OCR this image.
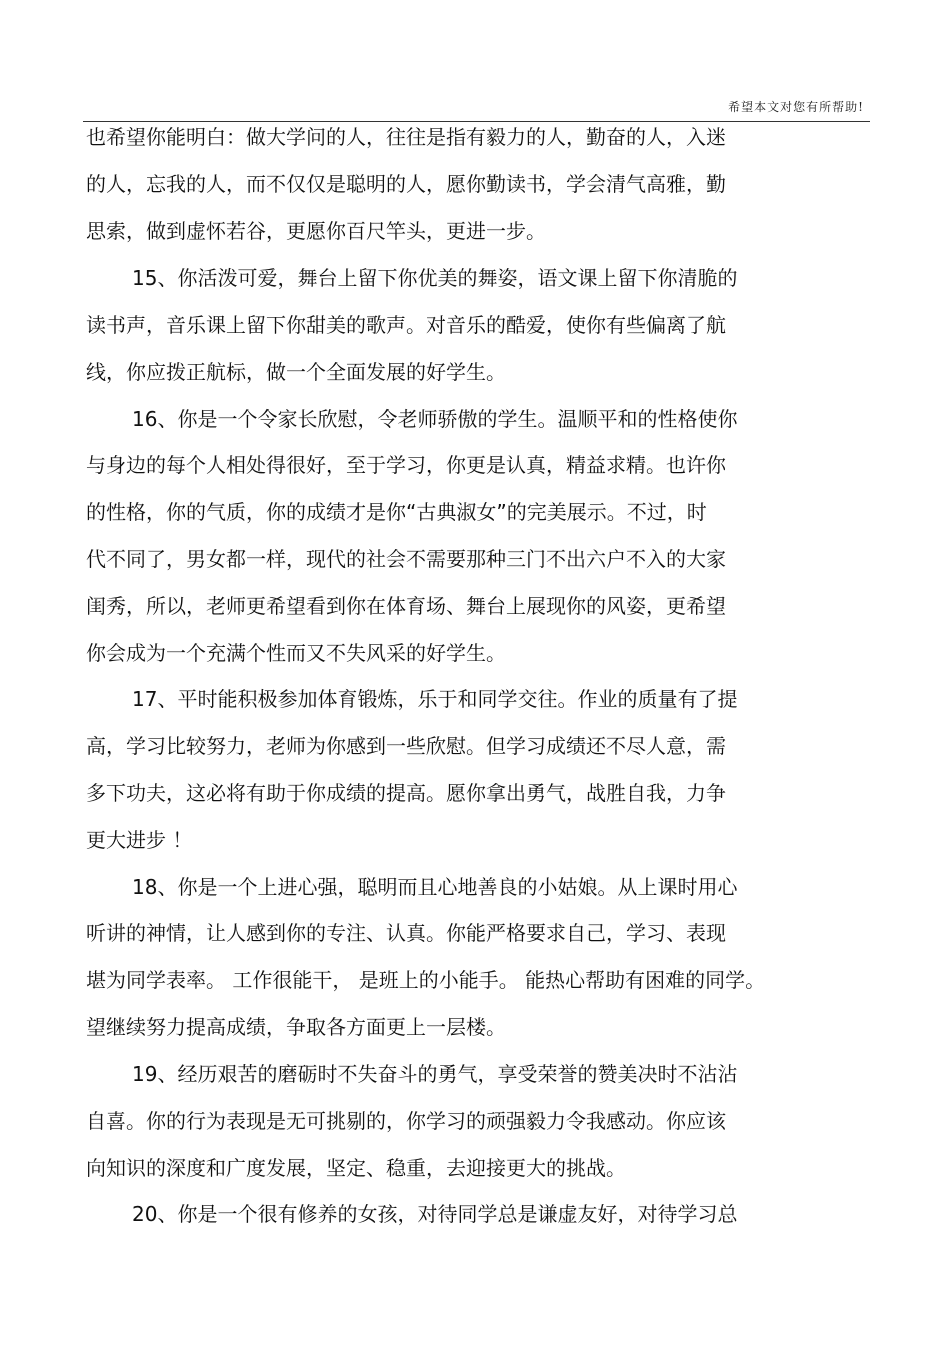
希望本文对您有所帮助!
也希望你能明白：做大学问的人，往往是指有毅力的人，勤奋的人，入迷
的人，忘我的人，而不仅仅是聪明的人，愿你勤读书，学会清气高雅，勤
思索，做到虚怀若谷，更愿你百尺竿头，更进一步。
15、你活泼可爱，舞台上留下你优美的舞姿，语文课上留下你清脆的
读书声，音乐课上留下你甜美的歌声。对音乐的酷爱，使你有些偏离了航
线，你应拨正航标，做一个全面发展的好学生。
16、你是一个令家长欣慰，令老师骄傲的学生。温顺平和的性格使你
与身边的每个人相处得很好，至于学习，你更是认真，精益求精。也许你
的性格，你的气质，你的成绩才是你“古典淑女”的完美展示。不过，时
代不同了，男女都一样，现代的社会不需要那种三门不出六户不入的大家
闺秀，所以，老师更希望看到你在体育场、舞台上展现你的风姿，更希望
你会成为一个充满个性而又不失风采的好学生。
17、平时能积极参加体育锻炼，乐于和同学交往。作业的质量有了提
高，学习比较努力，老师为你感到一些欣慰。但学习成绩还不尽人意，需
多下功夫，这必将有助于你成绩的提高。愿你拿出勇气，战胜自我，力争
更大进步 ！
18、你是一个上进心强，聪明而且心地善良的小姑娘。从上课时用心
听讲的神情，让人感到你的专注、认真。你能严格要求自己，学习、表现
堪为同学表率。 工作很能干， 是班上的小能手。 能热心帮助有困难的同学。
望继续努力提高成绩，争取各方面更上一层楼。
19、经历艰苦的磨砺时不失奋斗的勇气，享受荣誉的赞美决时不沾沾
自喜。你的行为表现是无可挑剔的，你学习的顽强毅力令我感动。你应该
向知识的深度和广度发展，坚定、稳重，去迎接更大的挑战。
20、你是一个很有修养的女孩，对待同学总是谦虚友好，对待学习总
